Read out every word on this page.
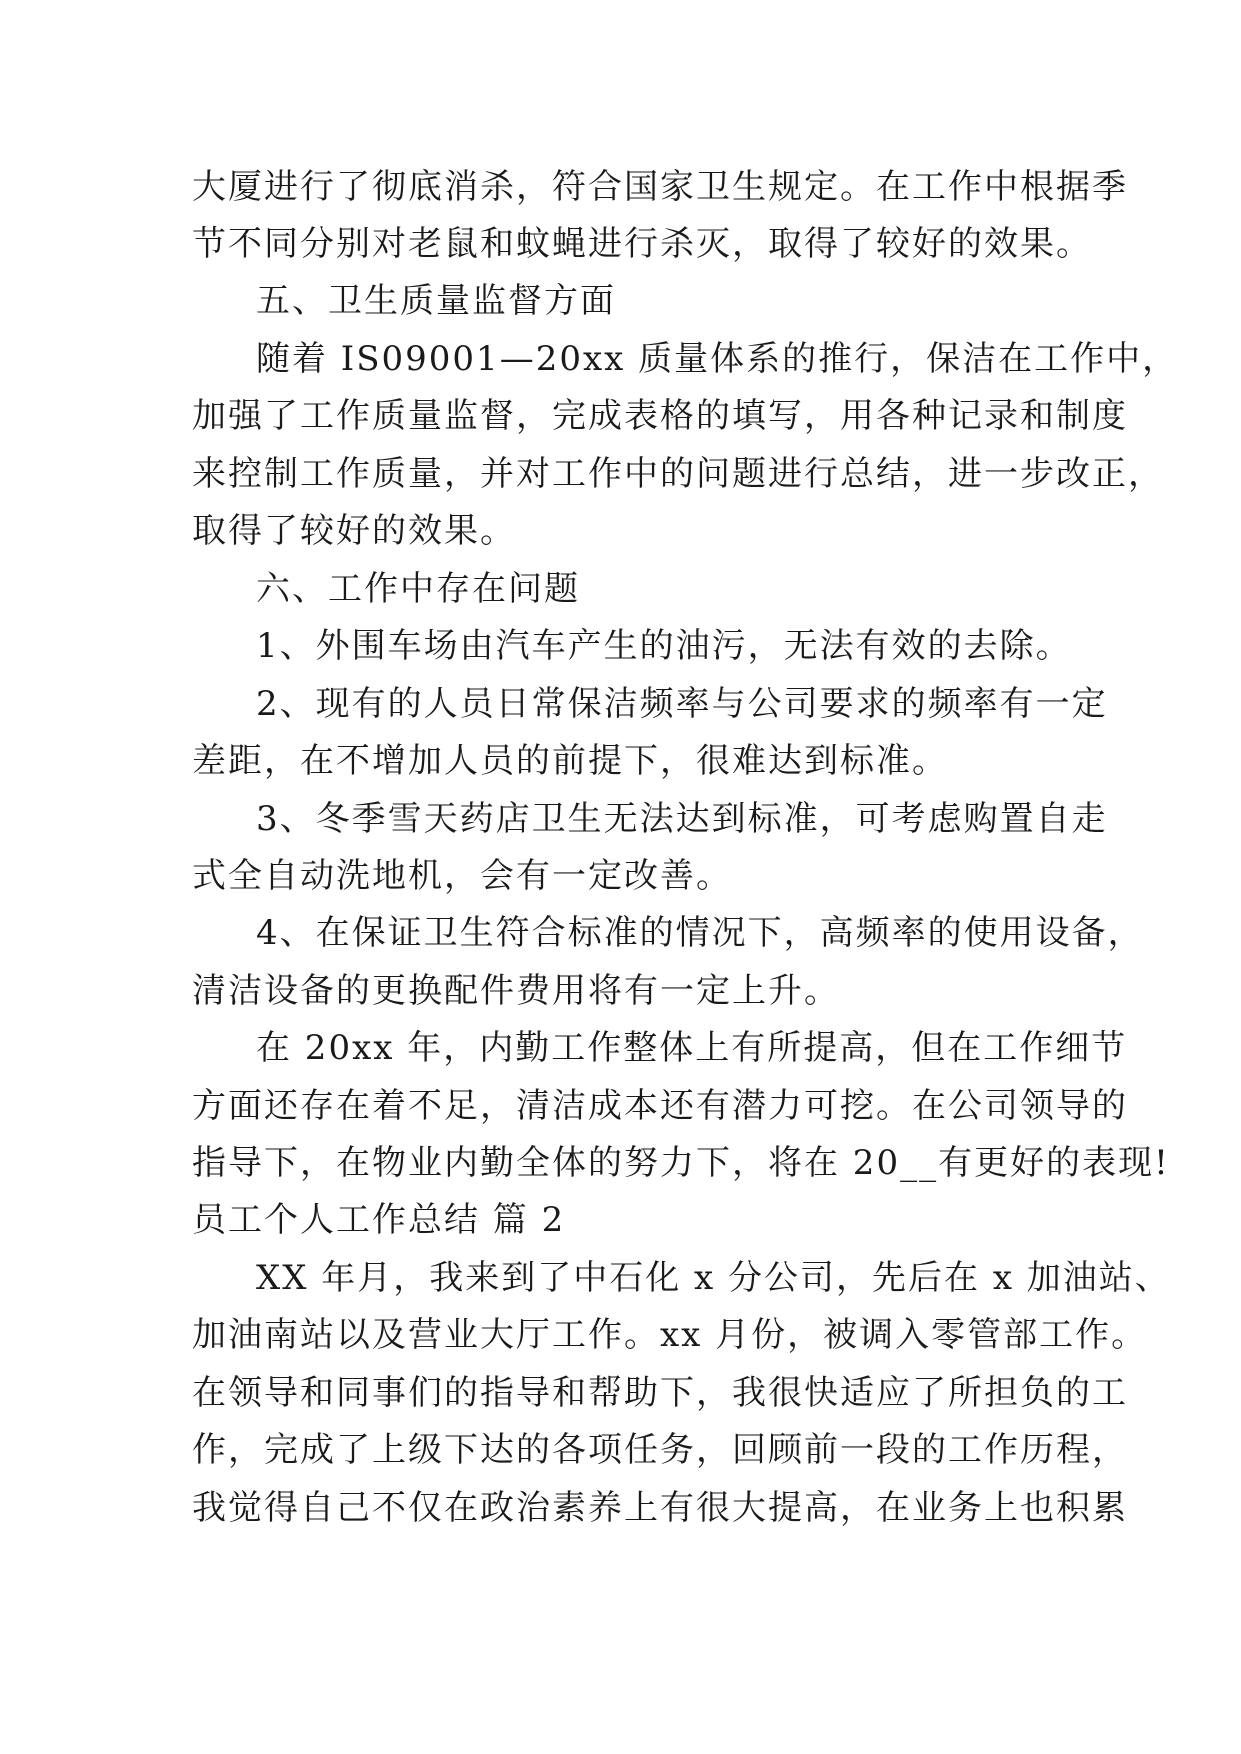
大厦进行了彻底消杀，符合国家卫生规定。在工作中根据季
节不同分别对老鼠和蚊蝇进行杀灭，取得了较好的效果。
五、卫生质量监督方面
随着 IS09001—20xx 质量体系的推行，保洁在工作中，
加强了工作质量监督，完成表格的填写，用各种记录和制度
来控制工作质量，并对工作中的问题进行总结，进一步改正，
取得了较好的效果。
六、工作中存在问题
1、外围车场由汽车产生的油污，无法有效的去除。
2、现有的人员日常保洁频率与公司要求的频率有一定
差距，在不增加人员的前提下，很难达到标准。
3、冬季雪天药店卫生无法达到标准，可考虑购置自走
式全自动洗地机，会有一定改善。
4、在保证卫生符合标准的情况下，高频率的使用设备，
清洁设备的更换配件费用将有一定上升。
在 20xx 年，内勤工作整体上有所提高，但在工作细节
方面还存在着不足，清洁成本还有潜力可挖。在公司领导的
指导下，在物业内勤全体的努力下，将在 20__有更好的表现!
员工个人工作总结 篇 2
XX 年月，我来到了中石化 x 分公司，先后在 x 加油站、
加油南站以及营业大厅工作。xx 月份，被调入零管部工作。
在领导和同事们的指导和帮助下，我很快适应了所担负的工
作，完成了上级下达的各项任务，回顾前一段的工作历程，
我觉得自己不仅在政治素养上有很大提高，在业务上也积累
